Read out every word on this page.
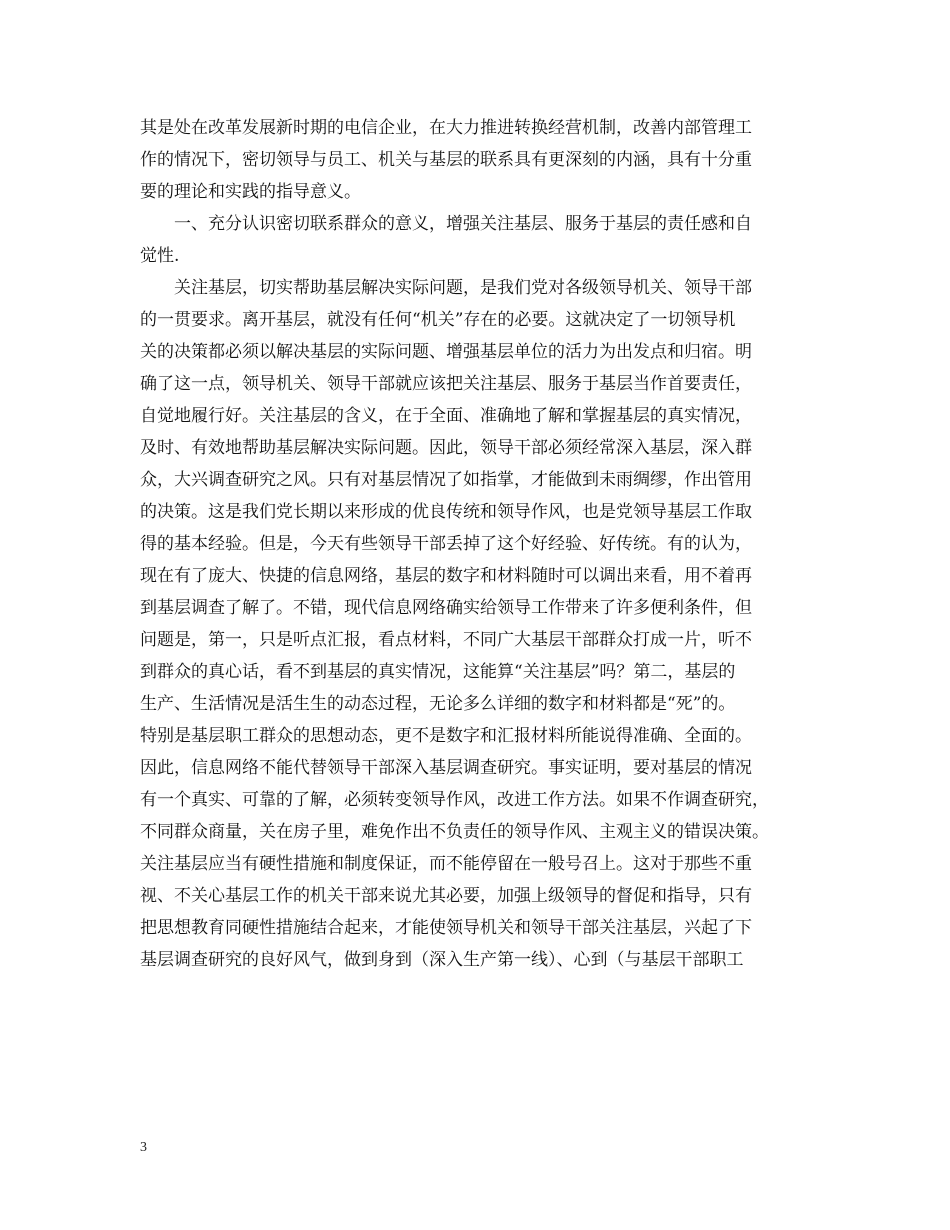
其是处在改革发展新时期的电信企业，在大力推进转换经营机制，改善内部管理工
作的情况下，密切领导与员工、机关与基层的联系具有更深刻的内涵，具有十分重
要的理论和实践的指导意义。
一、充分认识密切联系群众的意义，增强关注基层、服务于基层的责任感和自
觉性.
关注基层，切实帮助基层解决实际问题，是我们党对各级领导机关、领导干部
的一贯要求。离开基层，就没有任何“机关”存在的必要。这就决定了一切领导机
关的决策都必须以解决基层的实际问题、增强基层单位的活力为出发点和归宿。明
确了这一点，领导机关、领导干部就应该把关注基层、服务于基层当作首要责任，
自觉地履行好。关注基层的含义，在于全面、准确地了解和掌握基层的真实情况，
及时、有效地帮助基层解决实际问题。因此，领导干部必须经常深入基层，深入群
众，大兴调查研究之风。只有对基层情况了如指掌，才能做到未雨绸缪，作出管用
的决策。这是我们党长期以来形成的优良传统和领导作风，也是党领导基层工作取
得的基本经验。但是，今天有些领导干部丢掉了这个好经验、好传统。有的认为，
现在有了庞大、快捷的信息网络，基层的数字和材料随时可以调出来看，用不着再
到基层调查了解了。不错，现代信息网络确实给领导工作带来了许多便利条件，但
问题是，第一，只是听点汇报，看点材料，不同广大基层干部群众打成一片，听不
到群众的真心话，看不到基层的真实情况，这能算“关注基层”吗？第二，基层的
生产、生活情况是活生生的动态过程，无论多么详细的数字和材料都是“死”的。
特别是基层职工群众的思想动态，更不是数字和汇报材料所能说得准确、全面的。
因此，信息网络不能代替领导干部深入基层调查研究。事实证明，要对基层的情况
有一个真实、可靠的了解，必须转变领导作风，改进工作方法。如果不作调查研究，
不同群众商量，关在房子里，难免作出不负责任的领导作风、主观主义的错误决策。
关注基层应当有硬性措施和制度保证，而不能停留在一般号召上。这对于那些不重
视、不关心基层工作的机关干部来说尤其必要，加强上级领导的督促和指导，只有
把思想教育同硬性措施结合起来，才能使领导机关和领导干部关注基层，兴起了下
基层调查研究的良好风气，做到身到（深入生产第一线）、心到（与基层干部职工
3
